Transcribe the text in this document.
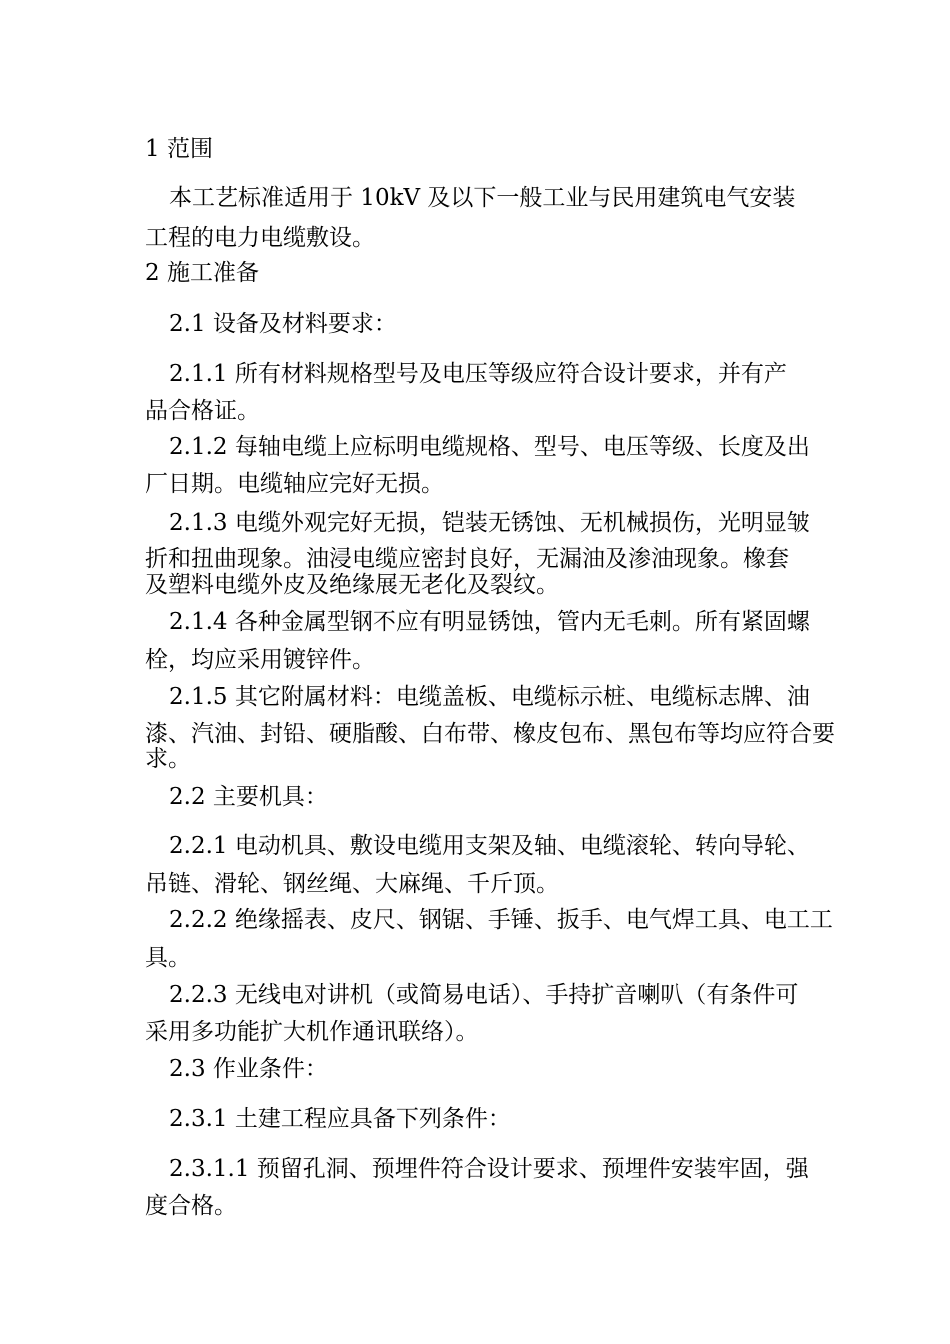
1 范围
本工艺标准适用于 10kV 及以下一般工业与民用建筑电气安装
工程的电力电缆敷设。
2 施工准备
2.1 设备及材料要求：
2.1.1 所有材料规格型号及电压等级应符合设计要求，并有产
品合格证。
2.1.2 每轴电缆上应标明电缆规格、型号、电压等级、长度及出
厂日期。电缆轴应完好无损。
2.1.3 电缆外观完好无损，铠装无锈蚀、无机械损伤，光明显皱
折和扭曲现象。油浸电缆应密封良好，无漏油及渗油现象。橡套
及塑料电缆外皮及绝缘展无老化及裂纹。
2.1.4 各种金属型钢不应有明显锈蚀，管内无毛刺。所有紧固螺
栓，均应采用镀锌件。
2.1.5 其它附属材料：电缆盖板、电缆标示桩、电缆标志牌、油
漆、汽油、封铅、硬脂酸、白布带、橡皮包布、黑包布等均应符合要
求。
2.2 主要机具：
2.2.1 电动机具、敷设电缆用支架及轴、电缆滚轮、转向导轮、
吊链、滑轮、钢丝绳、大麻绳、千斤顶。
2.2.2 绝缘摇表、皮尺、钢锯、手锤、扳手、电气焊工具、电工工
具。
2.2.3 无线电对讲机（或简易电话）、手持扩音喇叭（有条件可
采用多功能扩大机作通讯联络）。
2.3 作业条件：
2.3.1 土建工程应具备下列条件：
2.3.1.1 预留孔洞、预埋件符合设计要求、预埋件安装牢固，强
度合格。
